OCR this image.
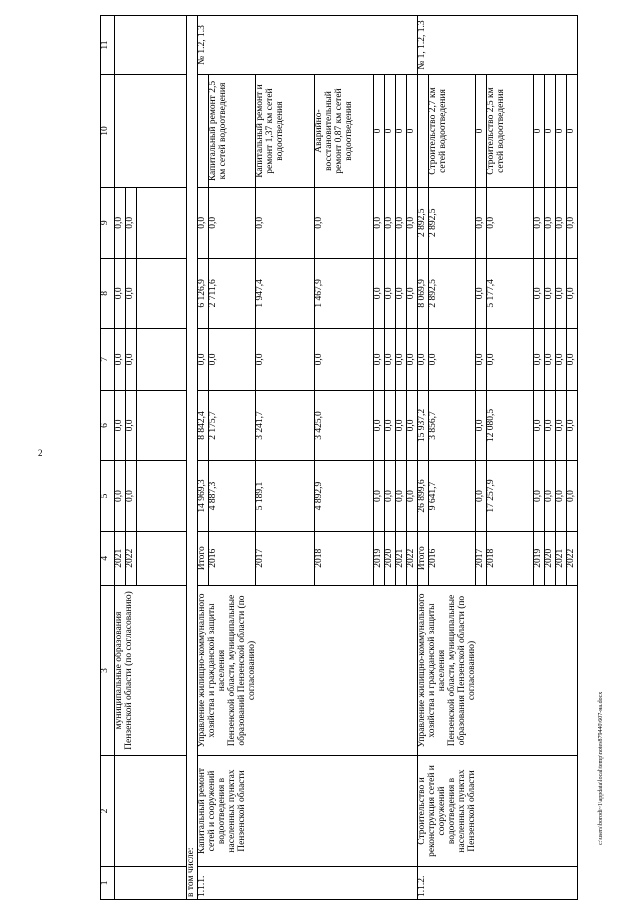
2
1	2	3	4	5	6	7	8	9	10	11
		муниципальные образования Пензенской области (по согласованию)	2021	0,0	0,0	0,0	0,0	0,0		
			2022	0,0	0,0	0,0	0,0	0,0		

в том числе:										
1.1.1.	Капитальный ремонт сетей и сооружений водоотведения в населенных пунктах Пензенской области	Управление жилищно-коммунального хозяйства и гражданской защиты населения Пензенской области, муниципальные образований Пензенской области (по согласованию)	Итого	14 969,3	8 842,4	0,0	6 126,9	0,0		№ 1.2, 1.3
			2016	4 887,3	2 175,7	0,0	2 711,6	0,0	Капитальный ремонт 2,5 км сетей водоотведения	
			2017	5 189,1	3 241,7	0,0	1 947,4	0,0	Капитальный ремонт и ремонт 1,37 км сетей водоотведения	
			2018	4 892,9	3 425,0	0,0	1 467,9	0,0	Аварийно-восстановительный ремонт 0,87 км сетей водоотведения	
			2019	0,0	0,0	0,0	0,0	0,0	0	
			2020	0,0	0,0	0,0	0,0	0,0	0	
			2021	0,0	0,0	0,0	0,0	0,0	0	
			2022	0,0	0,0	0,0	0,0	0,0	0	
1.1.2.	Строительство и реконструкция сетей и сооружений водоотведения в населенных пунктах Пензенской области	Управление жилищно-коммунального хозяйства и гражданской защиты населения Пензенской области, муниципальные образования Пензенской области (по согласованию)	Итого	26 899,6	15 937,2	0,0	8 069,9	2 892,5		№ 1, 1.2, 1.3
			2016	9 641,7	3 856,7	0,0	2 892,5	2 892,5	Строительство 2,7 км сетей водоотведения	
			2017	0,0	0,0	0,0	0,0	0,0	0	
			2018	17 257,9	12 080,5	0,0	5 177,4	0,0	Строительство 2,5 км сетей водоотведения	
			2019	0,0	0,0	0,0	0,0	0,0	0	
			2020	0,0	0,0	0,0	0,0	0,0	0	
			2021	0,0	0,0	0,0	0,0	0,0	0	
			2022	0,0	0,0	0,0	0,0	0,0	0	
c:\users\borodi~1\appdata\local\temp\notes879440\607-на.docx
